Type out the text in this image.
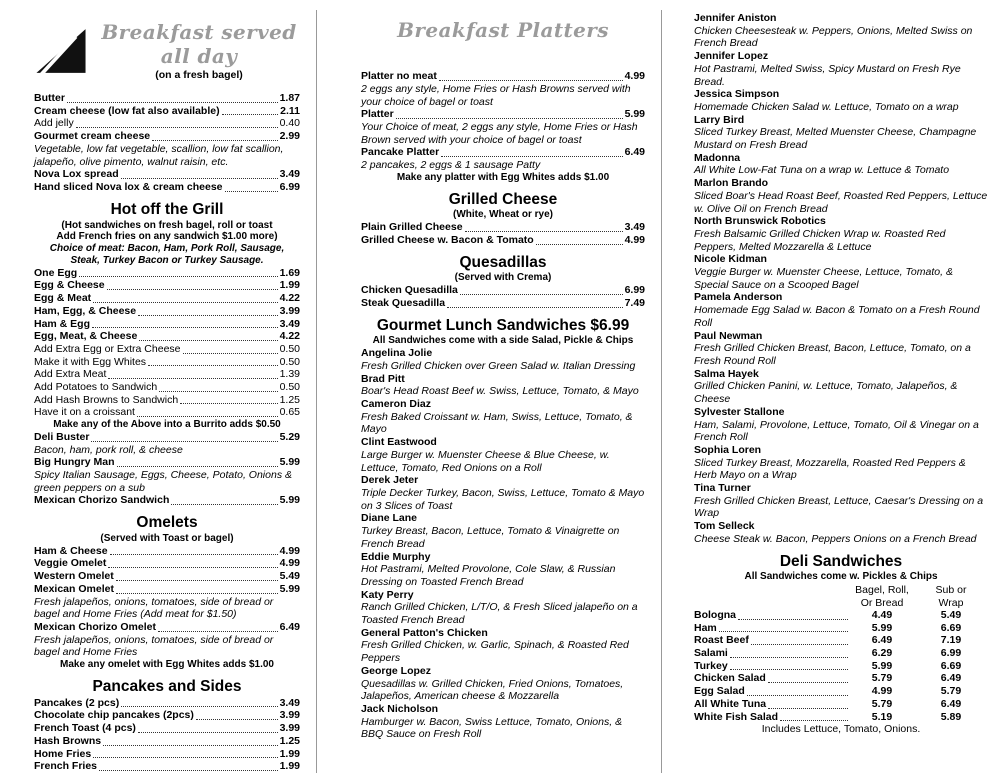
Breakfast served all day
(on a fresh bagel)
Butter	1.87
Cream cheese (low fat also available)	2.11
Add jelly	0.40
Gourmet cream cheese	2.99
Vegetable, low fat vegetable, scallion, low fat scallion, jalapeño, olive pimento, walnut raisin, etc.
Nova Lox spread	3.49
Hand sliced Nova lox & cream cheese	6.99
Hot off the Grill
(Hot sandwiches on fresh bagel, roll or toast
Add French fries on any sandwich $1.00 more)
Choice of meat: Bacon, Ham, Pork Roll, Sausage, Steak, Turkey Bacon or Turkey Sausage.
One Egg	1.69
Egg & Cheese	1.99
Egg & Meat	4.22
Ham, Egg, & Cheese	3.99
Ham & Egg	3.49
Egg, Meat, & Cheese	4.22
Add Extra Egg or Extra Cheese	0.50
Make it with Egg Whites	0.50
Add Extra Meat	1.39
Add Potatoes to Sandwich	0.50
Add Hash Browns to Sandwich	1.25
Have it on a croissant	0.65
Make any of the Above into a Burrito adds $0.50
Deli Buster	5.29
Bacon, ham, pork roll, & cheese
Big Hungry Man	5.99
Spicy Italian Sausage, Eggs, Cheese, Potato, Onions & green peppers on a sub
Mexican Chorizo Sandwich	5.99
Omelets
(Served with Toast or bagel)
Ham & Cheese	4.99
Veggie Omelet	4.99
Western Omelet	5.49
Mexican Omelet	5.99
Fresh jalapeños, onions, tomatoes, side of bread or bagel and Home Fries (Add meat for $1.50)
Mexican Chorizo Omelet	6.49
Fresh jalapeños, onions, tomatoes, side of bread or bagel and Home Fries
Make any omelet with Egg Whites adds $1.00
Pancakes and Sides
Pancakes (2 pcs)	3.49
Chocolate chip pancakes (2pcs)	3.99
French Toast (4 pcs)	3.99
Hash Browns	1.25
Home Fries	1.99
French Fries	1.99
Breakfast Platters
Platter no meat	4.99
2 eggs any style, Home Fries or Hash Browns served with your choice of bagel or toast
Platter	5.99
Your Choice of meat, 2 eggs any style, Home Fries or Hash Brown served with your choice of bagel or toast
Pancake Platter	6.49
2 pancakes, 2 eggs & 1 sausage Patty
Make any platter with Egg Whites adds $1.00
Grilled Cheese
(White, Wheat or rye)
Plain Grilled Cheese	3.49
Grilled Cheese w. Bacon & Tomato	4.99
Quesadillas
(Served with Crema)
Chicken Quesadilla	6.99
Steak Quesadilla	7.49
Gourmet Lunch Sandwiches $6.99
All Sandwiches come with a side Salad, Pickle & Chips
Angelina Jolie
Fresh Grilled Chicken over Green Salad w. Italian Dressing
Brad Pitt
Boar's Head Roast Beef w. Swiss, Lettuce, Tomato, & Mayo
Cameron Diaz
Fresh Baked Croissant w. Ham, Swiss, Lettuce, Tomato, & Mayo
Clint Eastwood
Large Burger w. Muenster Cheese & Blue Cheese, w. Lettuce, Tomato, Red Onions on a Roll
Derek Jeter
Triple Decker Turkey, Bacon, Swiss, Lettuce, Tomato & Mayo on 3 Slices of Toast
Diane Lane
Turkey Breast, Bacon, Lettuce, Tomato & Vinaigrette on French Bread
Eddie Murphy
Hot Pastrami, Melted Provolone, Cole Slaw, & Russian Dressing on Toasted French Bread
Katy Perry
Ranch Grilled Chicken, L/T/O, & Fresh Sliced jalapeño on a Toasted French Bread
General Patton's Chicken
Fresh Grilled Chicken, w. Garlic, Spinach, & Roasted Red Peppers
George Lopez
Quesadillas w. Grilled Chicken, Fried Onions, Tomatoes, Jalapeños, American cheese & Mozzarella
Jack Nicholson
Hamburger w. Bacon, Swiss Lettuce, Tomato, Onions, & BBQ Sauce on Fresh Roll
Jennifer Aniston
Chicken Cheesesteak w. Peppers, Onions, Melted Swiss on French Bread
Jennifer Lopez
Hot Pastrami, Melted Swiss, Spicy Mustard on Fresh Rye Bread.
Jessica Simpson
Homemade Chicken Salad w. Lettuce, Tomato on a wrap
Larry Bird
Sliced Turkey Breast, Melted Muenster Cheese, Champagne Mustard on Fresh Bread
Madonna
All White Low-Fat Tuna on a wrap w. Lettuce & Tomato
Marlon Brando
Sliced Boar's Head Roast Beef, Roasted Red Peppers, Lettuce w. Olive Oil on French Bread
North Brunswick Robotics
Fresh Balsamic Grilled Chicken Wrap w. Roasted Red Peppers, Melted Mozzarella & Lettuce
Nicole Kidman
Veggie Burger w. Muenster Cheese, Lettuce, Tomato, & Special Sauce on a Scooped Bagel
Pamela Anderson
Homemade Egg Salad w. Bacon & Tomato on a Fresh Round Roll
Paul Newman
Fresh Grilled Chicken Breast, Bacon, Lettuce, Tomato, on a Fresh Round Roll
Salma Hayek
Grilled Chicken Panini, w. Lettuce, Tomato, Jalapeños, & Cheese
Sylvester Stallone
Ham, Salami, Provolone, Lettuce, Tomato, Oil & Vinegar on a French Roll
Sophia Loren
Sliced Turkey Breast, Mozzarella, Roasted Red Peppers & Herb Mayo on a Wrap
Tina Turner
Fresh Grilled Chicken Breast, Lettuce, Caesar's Dressing on a Wrap
Tom Selleck
Cheese Steak w. Bacon, Peppers Onions on a French Bread
Deli Sandwiches
All Sandwiches come w. Pickles & Chips
Bagel, Roll,
Or Bread
Sub or
Wrap
Bologna	4.49	5.49
Ham	5.99	6.69
Roast Beef	6.49	7.19
Salami	6.29	6.99
Turkey	5.99	6.69
Chicken Salad	5.79	6.49
Egg Salad	4.99	5.79
All White Tuna	5.79	6.49
White Fish Salad	5.19	5.89
Includes Lettuce, Tomato, Onions.
